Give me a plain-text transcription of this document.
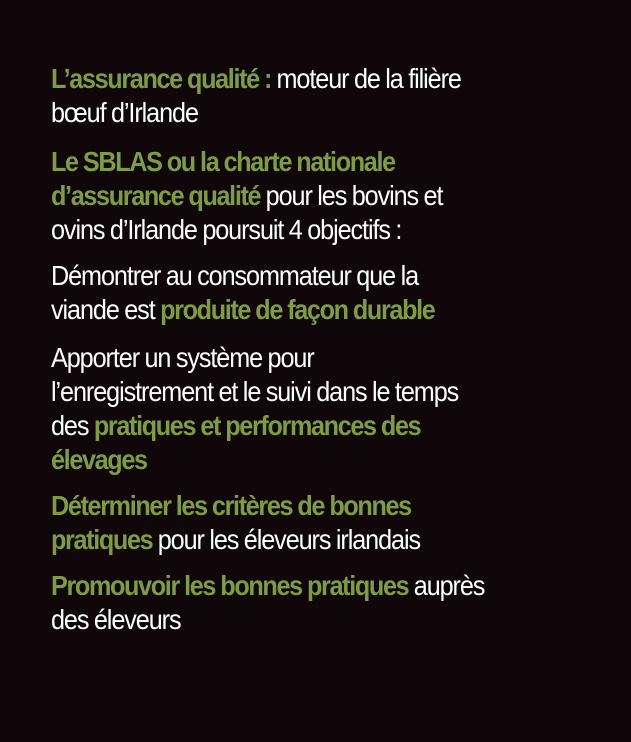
L’assurance qualité : moteur de la filière
bœuf d’Irlande

Le SBLAS ou la charte nationale
d’assurance qualité pour les bovins et
ovins d’Irlande poursuit 4 objectifs :

Démontrer au consommateur que la
viande est produite de façon durable

Apporter un système pour
l’enregistrement et le suivi dans le temps
des pratiques et performances des
élevages

Déterminer les critères de bonnes
pratiques pour les éleveurs irlandais

Promouvoir les bonnes pratiques auprès
des éleveurs
